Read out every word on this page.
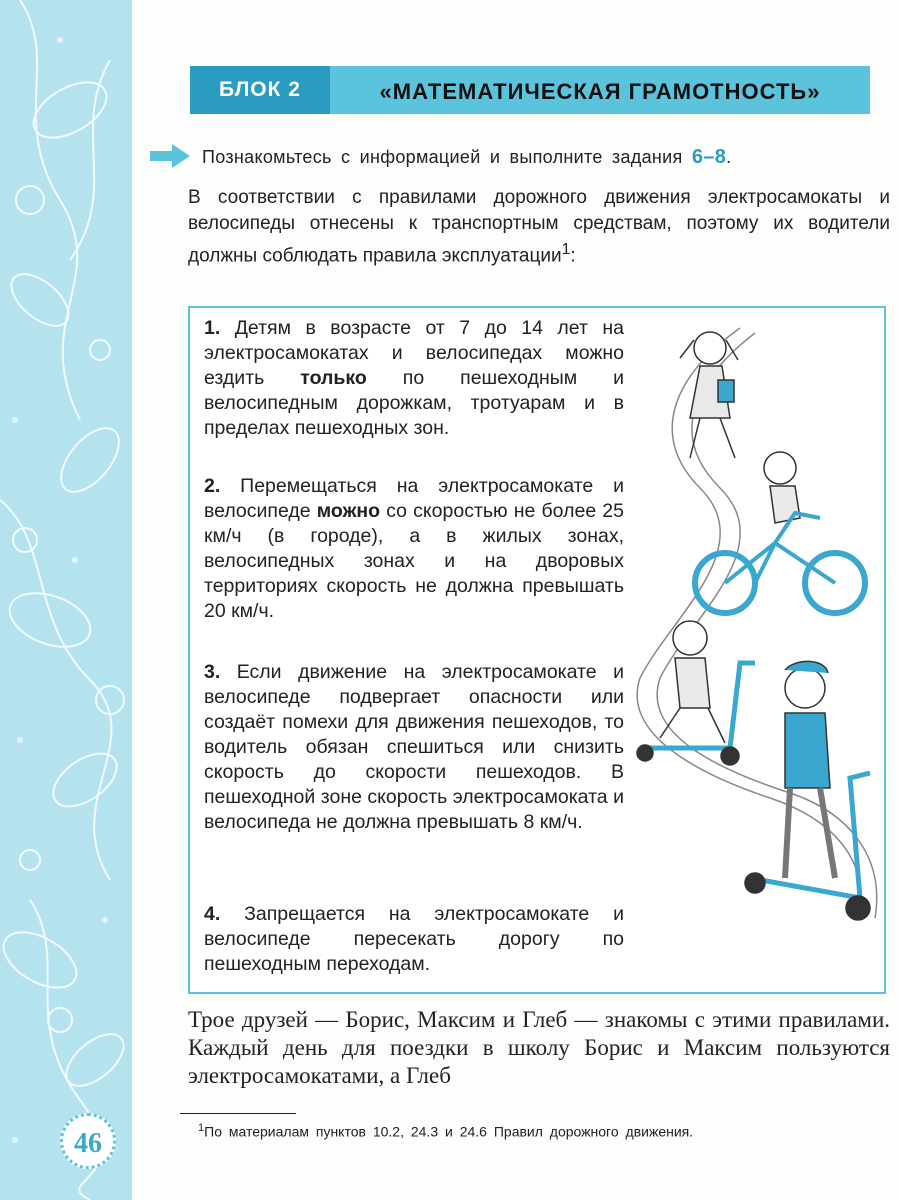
46
БЛОК 2	«МАТЕМАТИЧЕСКАЯ ГРАМОТНОСТЬ»
Познакомьтесь с информацией и выполните задания 6–8.

В соответствии с правилами дорожного движения электросамокаты и велосипеды отнесены к транспортным средствам, поэтому их водители должны соблюдать правила эксплуатации$^1$:

1. Детям в возрасте от 7 до 14 лет на электросамокатах и велосипедах можно ездить только по пешеходным и велосипедным дорожкам, тротуарам и в пределах пешеходных зон.

2. Перемещаться на электросамокате и велосипеде можно со скоростью не более 25 км/ч (в городе), а в жилых зонах, велосипедных зонах и на дворовых территориях скорость не должна превышать 20 км/ч.

3. Если движение на электросамокате и велосипеде подвергает опасности или создаёт помехи для движения пешеходов, то водитель обязан спешиться или снизить скорость до скорости пешеходов. В пешеходной зоне скорость электросамоката и велосипеда не должна превышать 8 км/ч.

4. Запрещается на электросамокате и велосипеде пересекать дорогу по пешеходным переходам.

Трое друзей — Борис, Максим и Глеб — знакомы с этими правилами. Каждый день для поездки в школу Борис и Максим пользуются электросамокатами, а Глеб

$^1$По материалам пунктов 10.2, 24.3 и 24.6 Правил дорожного движения.
